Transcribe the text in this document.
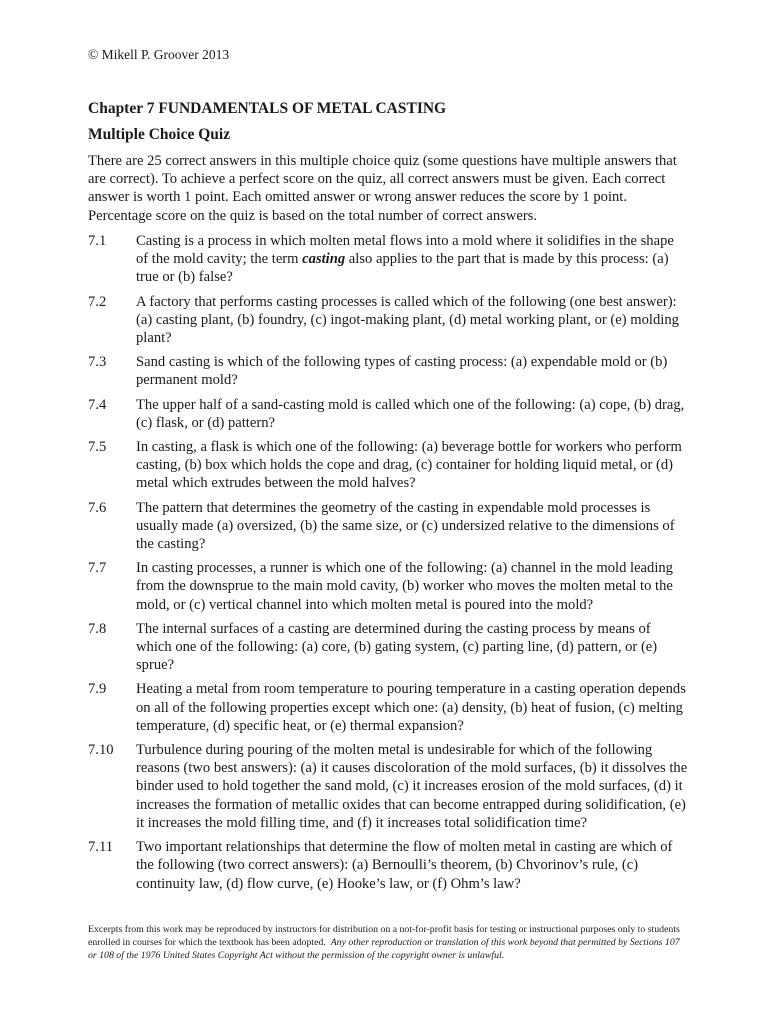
© Mikell P. Groover 2013
Chapter 7 FUNDAMENTALS OF METAL CASTING
Multiple Choice Quiz
There are 25 correct answers in this multiple choice quiz (some questions have multiple answers that are correct). To achieve a perfect score on the quiz, all correct answers must be given. Each correct answer is worth 1 point. Each omitted answer or wrong answer reduces the score by 1 point. Percentage score on the quiz is based on the total number of correct answers.
7.1	Casting is a process in which molten metal flows into a mold where it solidifies in the shape of the mold cavity; the term casting also applies to the part that is made by this process: (a) true or (b) false?
7.2	A factory that performs casting processes is called which of the following (one best answer): (a) casting plant, (b) foundry, (c) ingot-making plant, (d) metal working plant, or (e) molding plant?
7.3	Sand casting is which of the following types of casting process: (a) expendable mold or (b) permanent mold?
7.4	The upper half of a sand-casting mold is called which one of the following: (a) cope, (b) drag, (c) flask, or (d) pattern?
7.5	In casting, a flask is which one of the following: (a) beverage bottle for workers who perform casting, (b) box which holds the cope and drag, (c) container for holding liquid metal, or (d) metal which extrudes between the mold halves?
7.6	The pattern that determines the geometry of the casting in expendable mold processes is usually made (a) oversized, (b) the same size, or (c) undersized relative to the dimensions of the casting?
7.7	In casting processes, a runner is which one of the following: (a) channel in the mold leading from the downsprue to the main mold cavity, (b) worker who moves the molten metal to the mold, or (c) vertical channel into which molten metal is poured into the mold?
7.8	The internal surfaces of a casting are determined during the casting process by means of which one of the following: (a) core, (b) gating system, (c) parting line, (d) pattern, or (e) sprue?
7.9	Heating a metal from room temperature to pouring temperature in a casting operation depends on all of the following properties except which one: (a) density, (b) heat of fusion, (c) melting temperature, (d) specific heat, or (e) thermal expansion?
7.10	Turbulence during pouring of the molten metal is undesirable for which of the following reasons (two best answers): (a) it causes discoloration of the mold surfaces, (b) it dissolves the binder used to hold together the sand mold, (c) it increases erosion of the mold surfaces, (d) it increases the formation of metallic oxides that can become entrapped during solidification, (e) it increases the mold filling time, and (f) it increases total solidification time?
7.11	Two important relationships that determine the flow of molten metal in casting are which of the following (two correct answers): (a) Bernoulli’s theorem, (b) Chvorinov’s rule, (c) continuity law, (d) flow curve, (e) Hooke’s law, or (f) Ohm’s law?
Excerpts from this work may be reproduced by instructors for distribution on a not-for-profit basis for testing or instructional purposes only to students enrolled in courses for which the textbook has been adopted. Any other reproduction or translation of this work beyond that permitted by Sections 107 or 108 of the 1976 United States Copyright Act without the permission of the copyright owner is unlawful.
